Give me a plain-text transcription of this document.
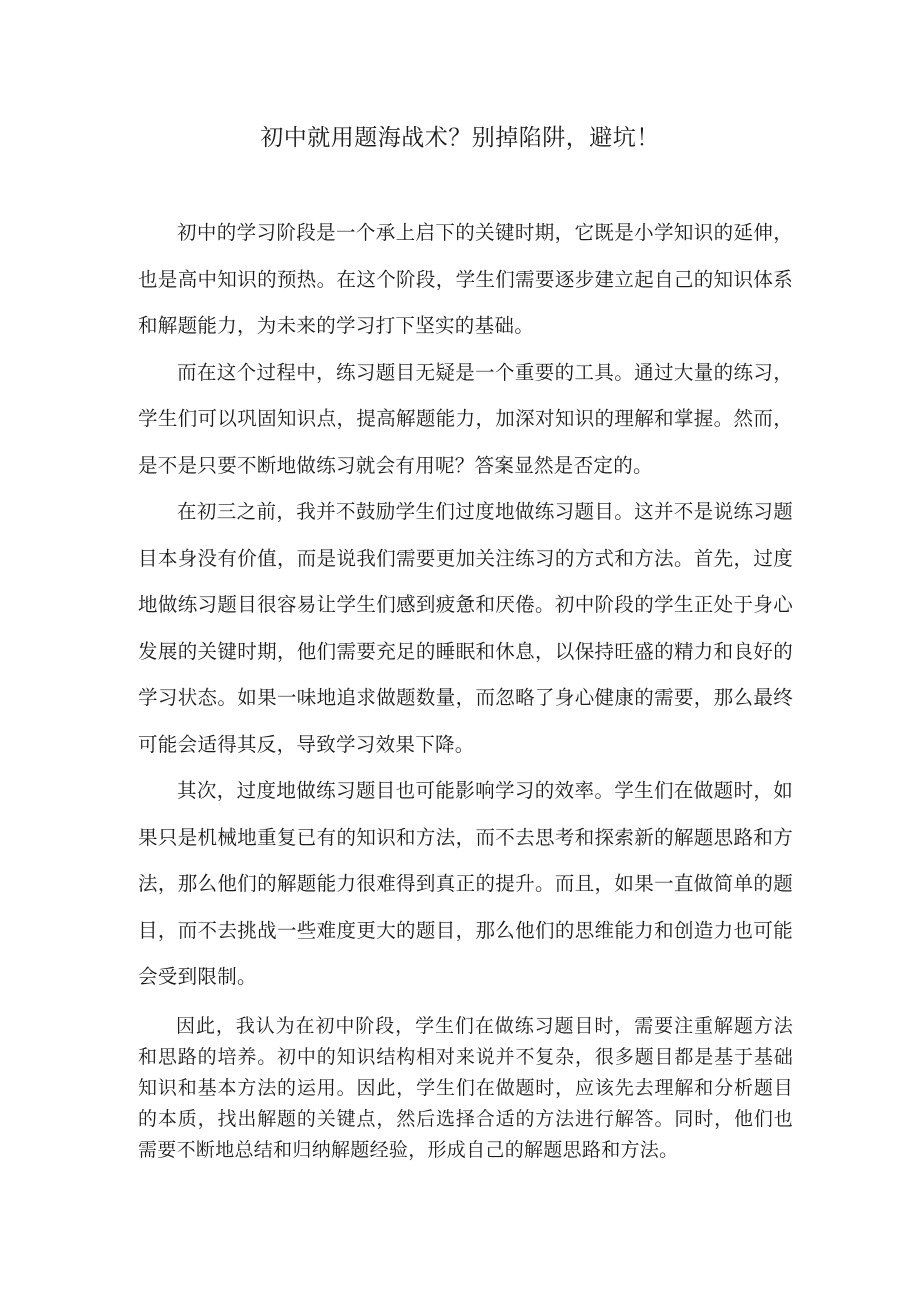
初中就用题海战术？别掉陷阱，避坑！

初中的学习阶段是一个承上启下的关键时期，它既是小学知识的延伸，也是高中知识的预热。在这个阶段，学生们需要逐步建立起自己的知识体系和解题能力，为未来的学习打下坚实的基础。

而在这个过程中，练习题目无疑是一个重要的工具。通过大量的练习，学生们可以巩固知识点，提高解题能力，加深对知识的理解和掌握。然而，是不是只要不断地做练习就会有用呢？答案显然是否定的。

在初三之前，我并不鼓励学生们过度地做练习题目。这并不是说练习题目本身没有价值，而是说我们需要更加关注练习的方式和方法。首先，过度地做练习题目很容易让学生们感到疲惫和厌倦。初中阶段的学生正处于身心发展的关键时期，他们需要充足的睡眠和休息，以保持旺盛的精力和良好的学习状态。如果一味地追求做题数量，而忽略了身心健康的需要，那么最终可能会适得其反，导致学习效果下降。

其次，过度地做练习题目也可能影响学习的效率。学生们在做题时，如果只是机械地重复已有的知识和方法，而不去思考和探索新的解题思路和方法，那么他们的解题能力很难得到真正的提升。而且，如果一直做简单的题目，而不去挑战一些难度更大的题目，那么他们的思维能力和创造力也可能会受到限制。

因此，我认为在初中阶段，学生们在做练习题目时，需要注重解题方法和思路的培养。初中的知识结构相对来说并不复杂，很多题目都是基于基础知识和基本方法的运用。因此，学生们在做题时，应该先去理解和分析题目的本质，找出解题的关键点，然后选择合适的方法进行解答。同时，他们也需要不断地总结和归纳解题经验，形成自己的解题思路和方法。
